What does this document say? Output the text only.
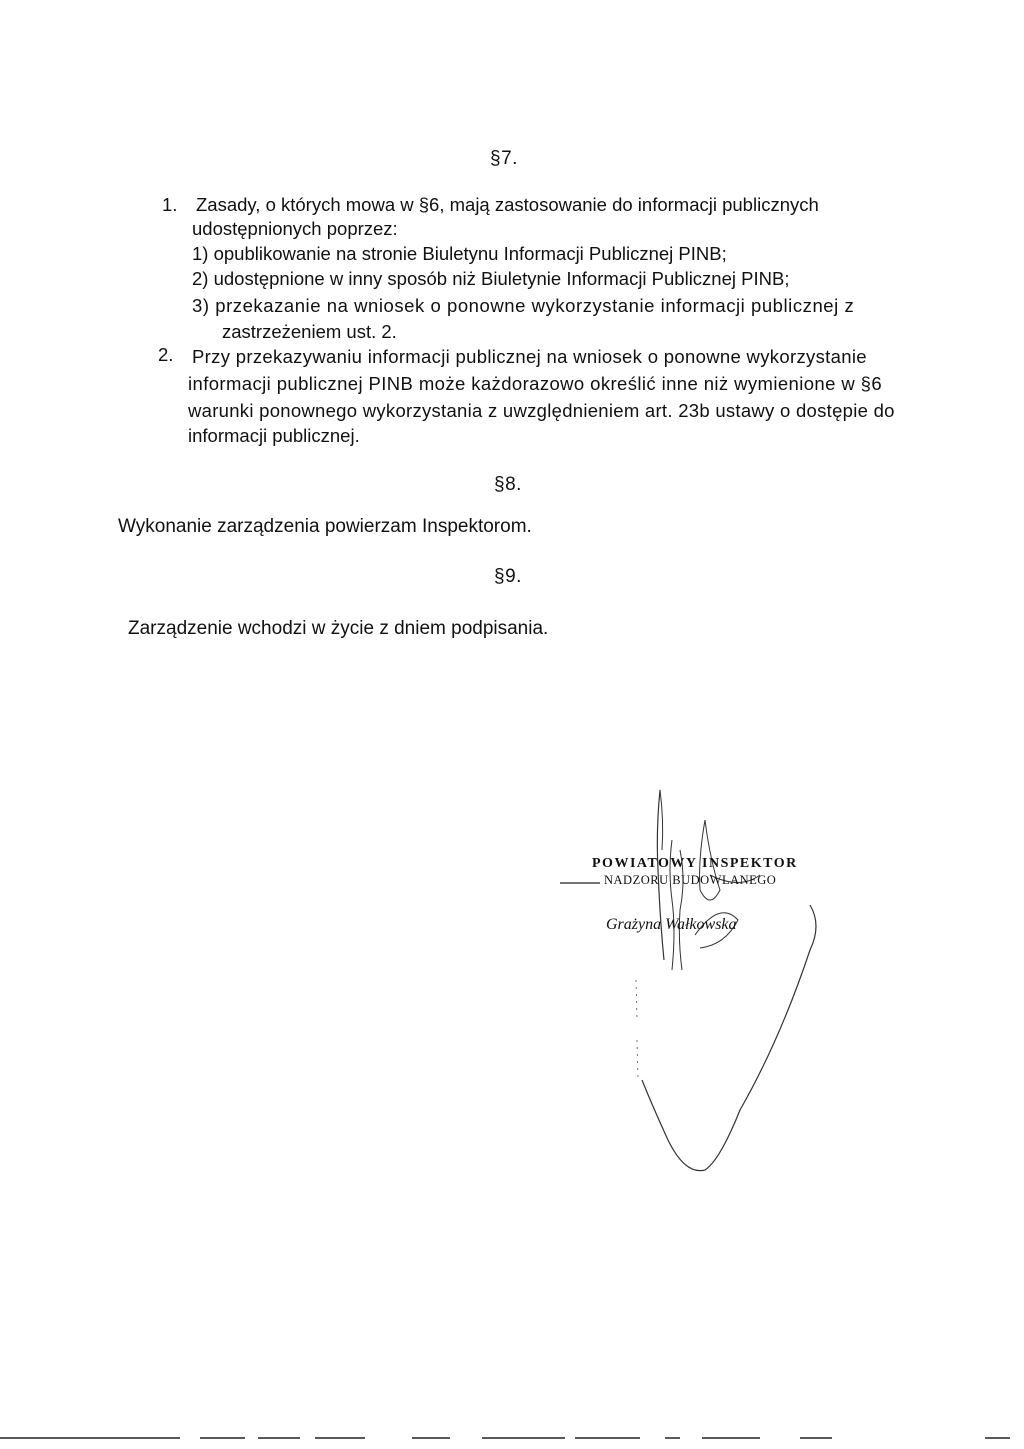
§7.
1. Zasady, o których mowa w §6, mają zastosowanie do informacji publicznych
udostępnionych poprzez:
1) opublikowanie na stronie Biuletynu Informacji Publicznej PINB;
2) udostępnione w inny sposób niż Biuletynie Informacji Publicznej PINB;
3) przekazanie na wniosek o ponowne wykorzystanie informacji publicznej z
zastrzeżeniem ust. 2.
2. Przy przekazywaniu informacji publicznej na wniosek o ponowne wykorzystanie
informacji publicznej PINB może każdorazowo określić inne niż wymienione w §6
warunki ponownego wykorzystania z uwzględnieniem art. 23b ustawy o dostępie do
informacji publicznej.
§8.
Wykonanie zarządzenia powierzam Inspektorom.
§9.
Zarządzenie wchodzi w życie z dniem podpisania.
POWIATOWY INSPEKTOR
NADZORU BUDOWLANEGO
Grażyna Wałkowska
